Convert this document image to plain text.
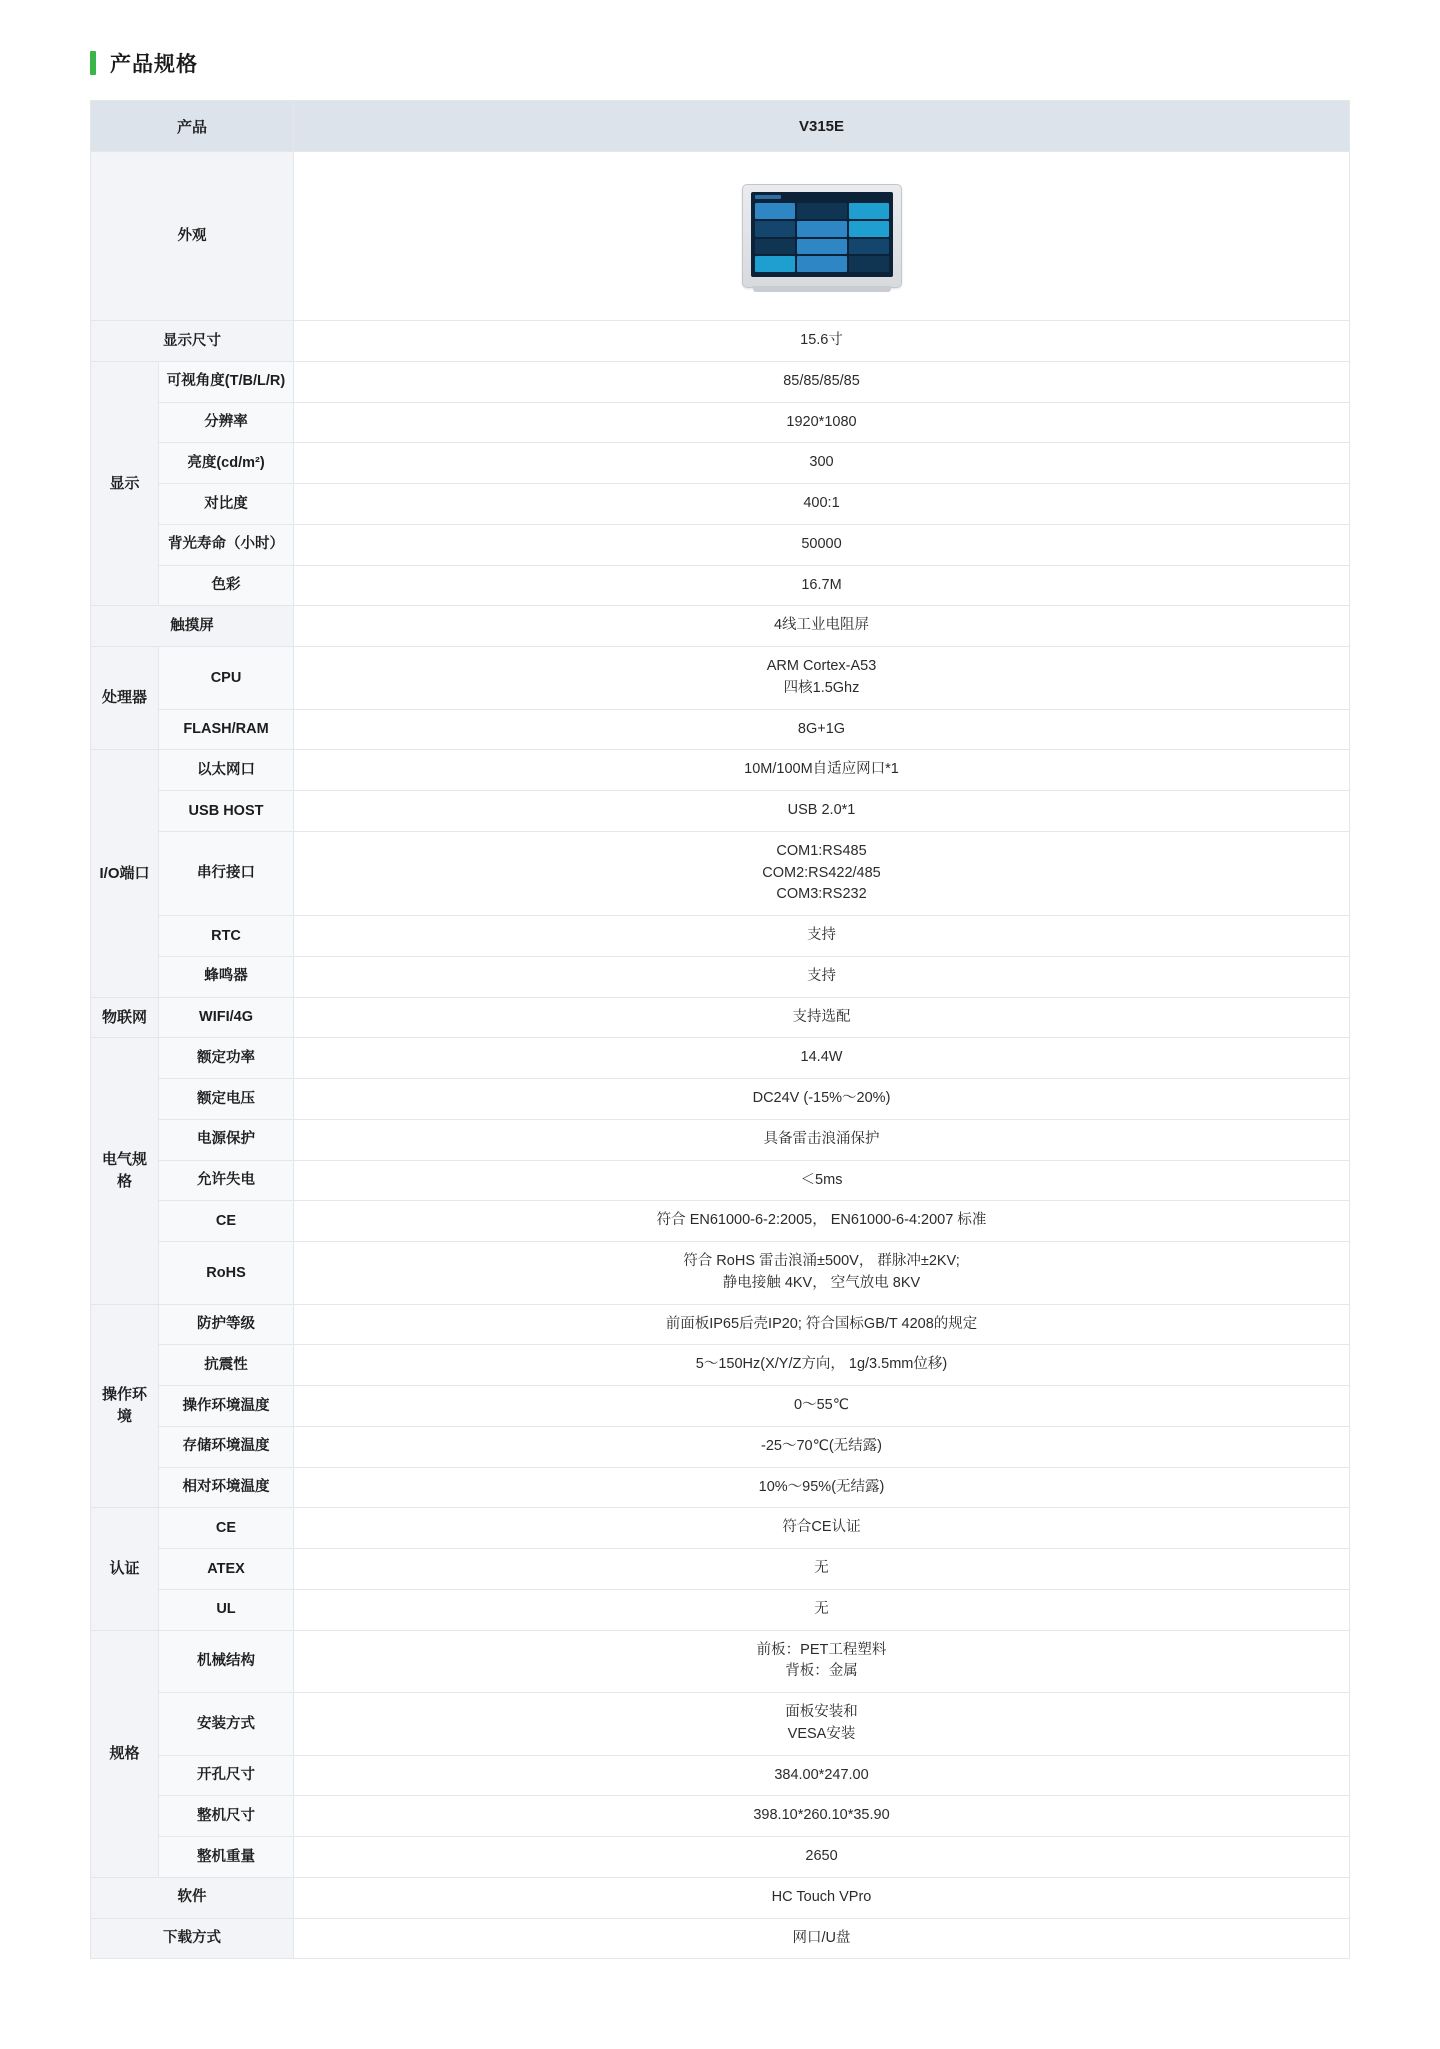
产品规格
产品		V315E
外观		

显示尺寸		15.6寸

显示	可视角度(T/B/L/R)	85/85/85/85

	分辨率	1920*1080

	亮度(cd/m²)	300

	对比度	400:1

	背光寿命（小时）	50000

	色彩	16.7M

触摸屏		4线工业电阻屏

处理器	CPU	ARM Cortex-A53
四核1.5Ghz

	FLASH/RAM	8G+1G

I/O端口	以太网口	10M/100M自适应网口*1

	USB HOST	USB 2.0*1

	串行接口	COM1:RS485
COM2:RS422/485
COM3:RS232

	RTC	支持

	蜂鸣器	支持

物联网	WIFI/4G	支持选配

电气规格	额定功率	14.4W

	额定电压	DC24V (-15%～20%)

	电源保护	具备雷击浪涌保护

	允许失电	＜5ms

	CE	符合 EN61000-6-2:2005， EN61000-6-4:2007 标准

	RoHS	符合 RoHS 雷击浪涌±500V， 群脉冲±2KV;
静电接触 4KV， 空气放电 8KV

操作环境	防护等级	前面板IP65后壳IP20; 符合国标GB/T 4208的规定

	抗震性	5～150Hz(X/Y/Z方向， 1g/3.5mm位移)

	操作环境温度	0～55℃

	存储环境温度	-25～70℃(无结露)

	相对环境温度	10%～95%(无结露)

认证	CE	符合CE认证

	ATEX	无

	UL	无

规格	机械结构	前板：PET工程塑料
背板：金属

	安装方式	面板安装和
VESA安装

	开孔尺寸	384.00*247.00

	整机尺寸	398.10*260.10*35.90

	整机重量	2650

软件		HC Touch VPro

下载方式		网口/U盘
